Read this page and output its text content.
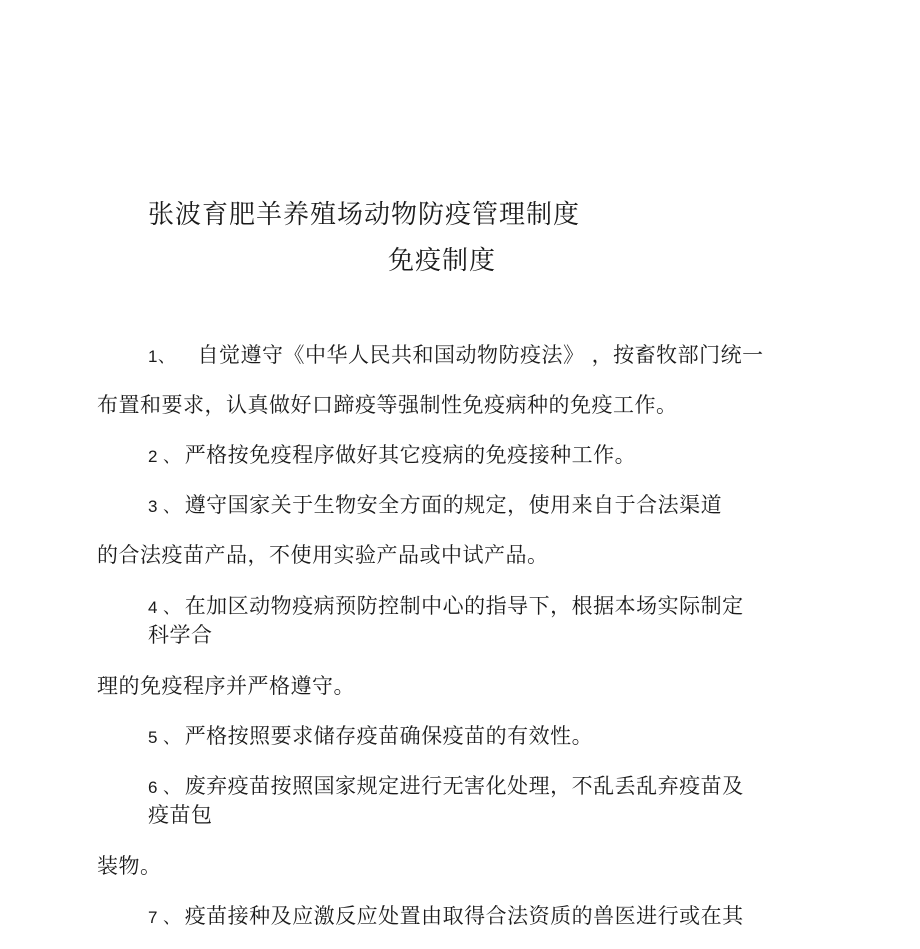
张波育肥羊养殖场动物防疫管理制度
免疫制度
1、 自觉遵守《中华人民共和国动物防疫法》 ，按畜牧部门统一
布置和要求，认真做好口蹄疫等强制性免疫病种的免疫工作。
2 、 严格按免疫程序做好其它疫病的免疫接种工作。
3 、 遵守国家关于生物安全方面的规定，使用来自于合法渠道
的合法疫苗产品，不使用实验产品或中试产品。
4 、 在加区动物疫病预防控制中心的指导下，根据本场实际制定
科学合
理的免疫程序并严格遵守。
5 、 严格按照要求储存疫苗确保疫苗的有效性。
6 、 废弃疫苗按照国家规定进行无害化处理，不乱丢乱弃疫苗及
疫苗包
装物。
7 、 疫苗接种及应激反应处置由取得合法资质的兽医进行或在其
